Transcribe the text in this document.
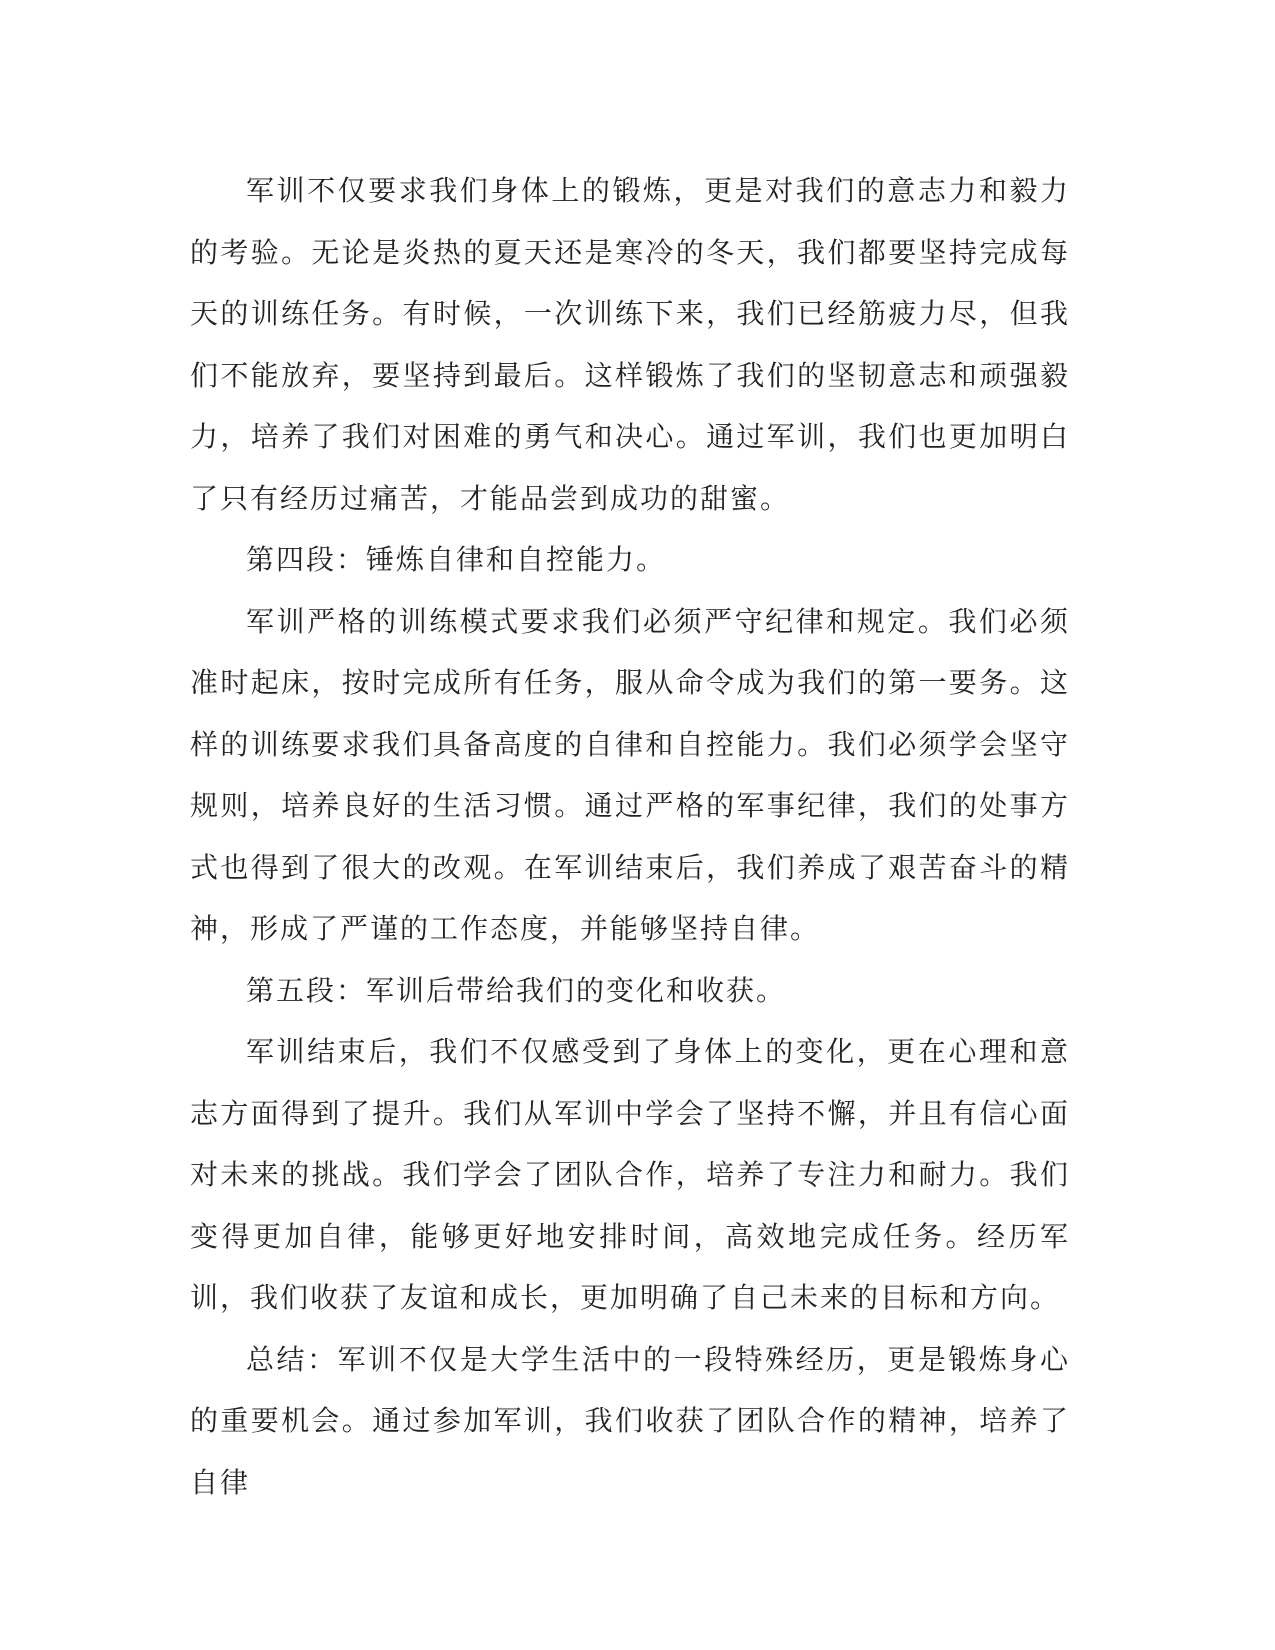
军训不仅要求我们身体上的锻炼，更是对我们的意志力和毅力的考验。无论是炎热的夏天还是寒冷的冬天，我们都要坚持完成每天的训练任务。有时候，一次训练下来，我们已经筋疲力尽，但我们不能放弃，要坚持到最后。这样锻炼了我们的坚韧意志和顽强毅力，培养了我们对困难的勇气和决心。通过军训，我们也更加明白了只有经历过痛苦，才能品尝到成功的甜蜜。

第四段：锤炼自律和自控能力。

军训严格的训练模式要求我们必须严守纪律和规定。我们必须准时起床，按时完成所有任务，服从命令成为我们的第一要务。这样的训练要求我们具备高度的自律和自控能力。我们必须学会坚守规则，培养良好的生活习惯。通过严格的军事纪律，我们的处事方式也得到了很大的改观。在军训结束后，我们养成了艰苦奋斗的精神，形成了严谨的工作态度，并能够坚持自律。

第五段：军训后带给我们的变化和收获。

军训结束后，我们不仅感受到了身体上的变化，更在心理和意志方面得到了提升。我们从军训中学会了坚持不懈，并且有信心面对未来的挑战。我们学会了团队合作，培养了专注力和耐力。我们变得更加自律，能够更好地安排时间，高效地完成任务。经历军训，我们收获了友谊和成长，更加明确了自己未来的目标和方向。

总结：军训不仅是大学生活中的一段特殊经历，更是锻炼身心的重要机会。通过参加军训，我们收获了团队合作的精神，培养了自律
